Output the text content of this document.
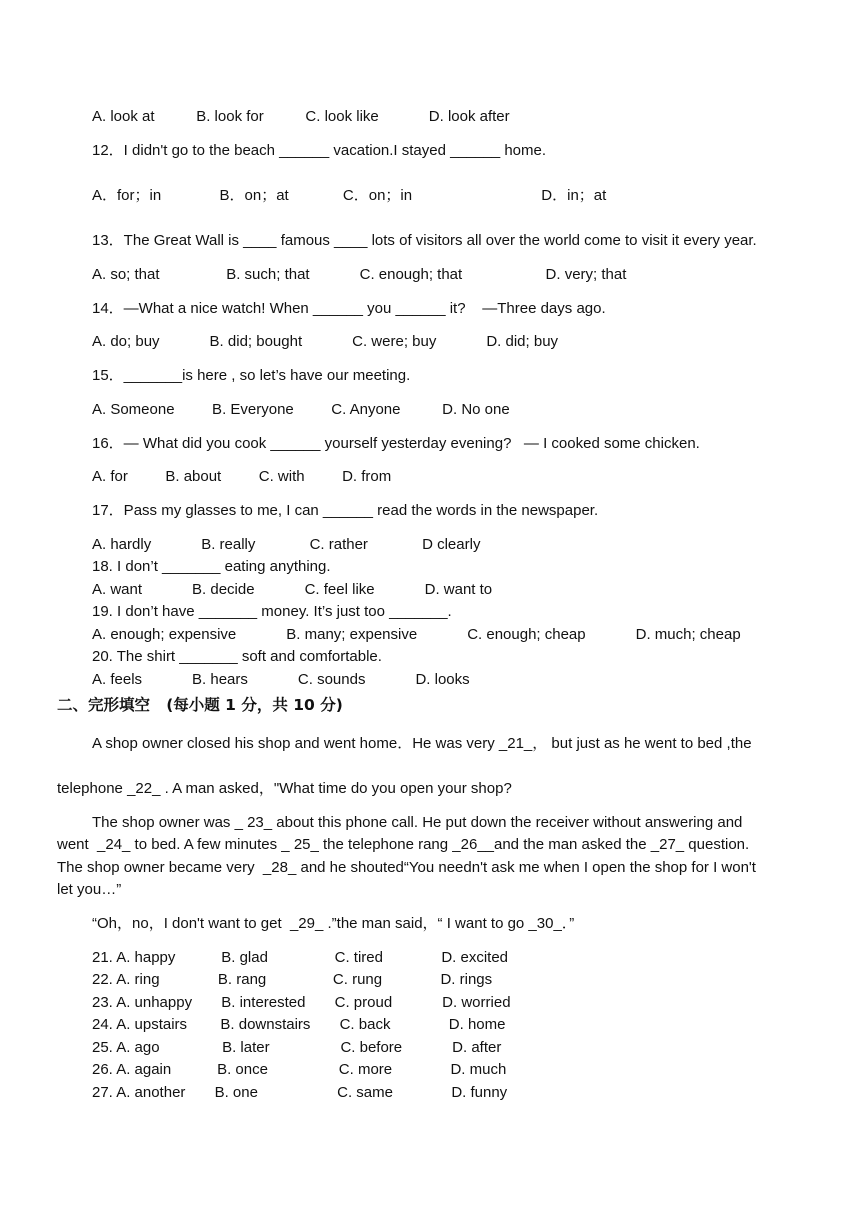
A. look at          B. look for          C. look like            D. look after
12．I didn't go to the beach ______ vacation.I stayed ______ home.
A．for；in              B．on；at             C．on；in                               D．in；at
13．The Great Wall is ____ famous ____ lots of visitors all over the world come to visit it every year.
A. so; that                B. such; that            C. enough; that                    D. very; that
14．—What a nice watch! When ______ you ______ it?    —Three days ago.
A. do; buy            B. did; bought            C. were; buy            D. did; buy
15．_______is here , so let’s have our meeting.
A. Someone         B. Everyone         C. Anyone          D. No one
16．— What did you cook ______ yourself yesterday evening?   — I cooked some chicken.
A. for         B. about         C. with         D. from
17．Pass my glasses to me, I can ______ read the words in the newspaper.
A. hardly            B. really             C. rather             D clearly
18. I don’t _______ eating anything.
A. want            B. decide            C. feel like            D. want to
19. I don’t have _______ money. It’s just too _______.
A. enough; expensive            B. many; expensive            C. enough; cheap            D. much; cheap
20. The shirt _______ soft and comfortable.
A. feels            B. hears            C. sounds            D. looks
二、完形填空   (每小题 1 分，共 10 分)
A shop owner closed his shop and went home．He was very _21_， but just as he went to bed ,the
telephone _22_ . A man asked，"What time do you open your shop?
The shop owner was _ 23_ about this phone call. He put down the receiver without answering and
went  _24_ to bed. A few minutes _ 25_ the telephone rang _26__and the man asked the _27_ question.
The shop owner became very  _28_ and he shouted“You needn't ask me when I open the shop for I won't
let you…”
“Oh，no，I don't want to get  _29_ .”the man said，“ I want to go _30_．”
21. A. happy           B. glad                C. tired              D. excited
22. A. ring              B. rang                C. rung              D. rings
23. A. unhappy       B. interested       C. proud            D. worried
24. A. upstairs        B. downstairs       C. back              D. home
25. A. ago               B. later                 C. before            D. after
26. A. again           B. once                 C. more              D. much
27. A. another       B. one                   C. same              D. funny
